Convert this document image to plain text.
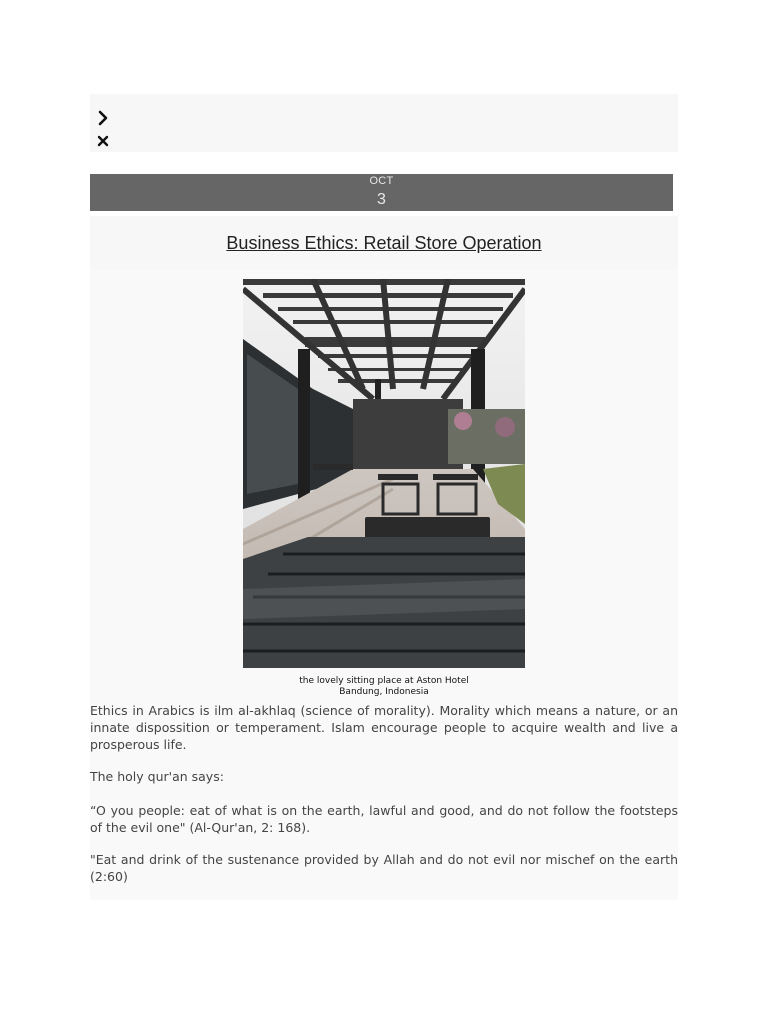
OCT
3
Business Ethics: Retail Store Operation
the lovely sitting place at Aston Hotel
Bandung, Indonesia

Ethics in Arabics is ilm al-akhlaq (science of morality). Morality which means a nature, or an innate dispossition or temperament. Islam encourage people to acquire wealth and live a prosperous life.

The holy qur'an says:

“O you people: eat of what is on the earth, lawful and good, and do not follow the footsteps of the evil one" (Al-Qur'an, 2: 168).

"Eat and drink of the sustenance provided by Allah and do not evil nor mischef on the earth (2:60)
